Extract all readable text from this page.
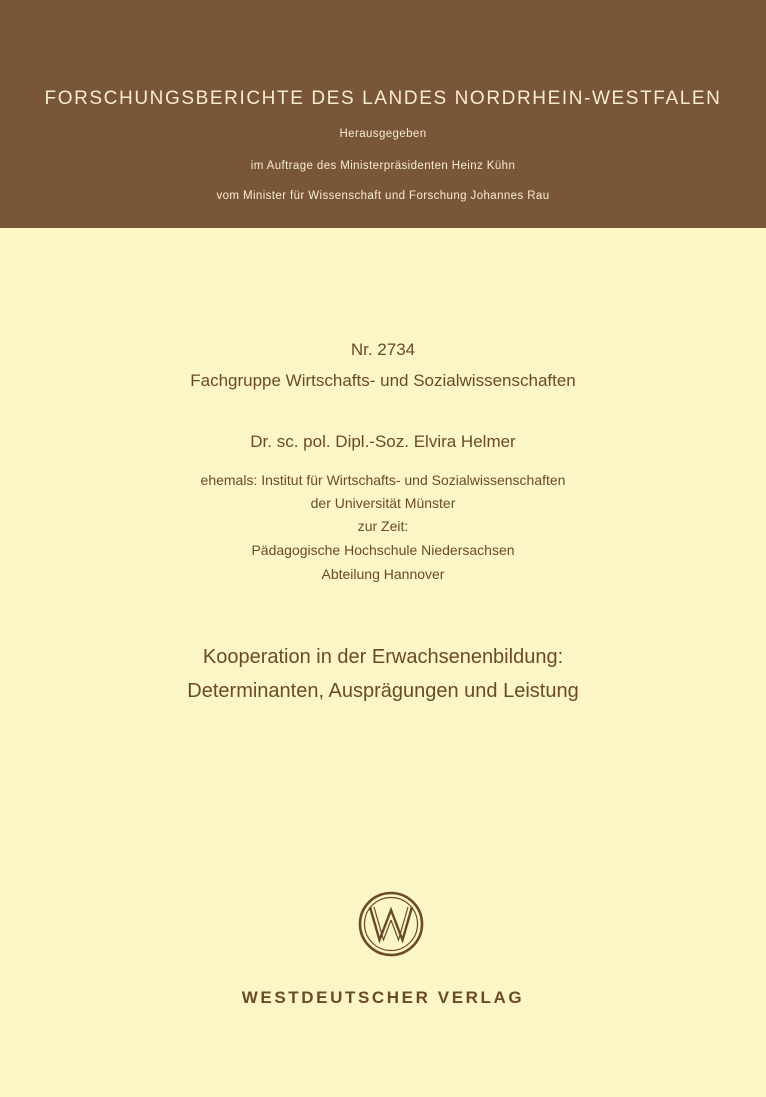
FORSCHUNGSBERICHTE DES LANDES NORDRHEIN-WESTFALEN
Herausgegeben
im Auftrage des Ministerpräsidenten Heinz Kühn
vom Minister für Wissenschaft und Forschung Johannes Rau
Nr. 2734
Fachgruppe Wirtschafts- und Sozialwissenschaften
Dr. sc. pol. Dipl.-Soz. Elvira Helmer
ehemals: Institut für Wirtschafts- und Sozialwissenschaften
der Universität Münster
zur Zeit:
Pädagogische Hochschule Niedersachsen
Abteilung Hannover
Kooperation in der Erwachsenenbildung:
Determinanten, Ausprägungen und Leistung
WESTDEUTSCHER VERLAG
